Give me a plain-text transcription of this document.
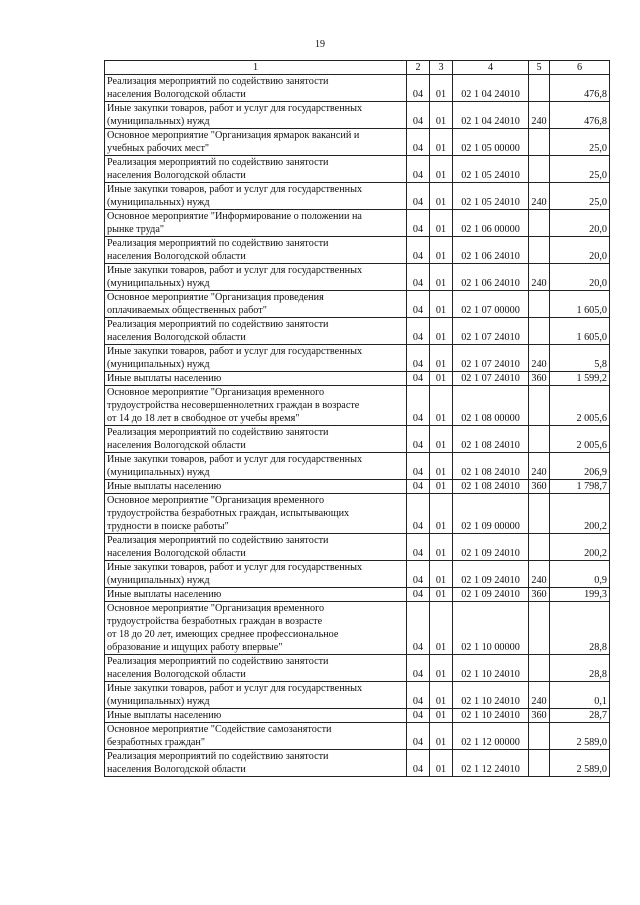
19
1	2	3	4	5	6
Реализация мероприятий по содействию занятости
населения Вологодской области	04	01	02 1 04 24010		476,8
Иные закупки товаров, работ и услуг для государственных
(муниципальных) нужд	04	01	02 1 04 24010	240	476,8
Основное мероприятие "Организация ярмарок вакансий и
учебных рабочих мест"	04	01	02 1 05 00000		25,0
Реализация мероприятий по содействию занятости
населения Вологодской области	04	01	02 1 05 24010		25,0
Иные закупки товаров, работ и услуг для государственных
(муниципальных) нужд	04	01	02 1 05 24010	240	25,0
Основное мероприятие "Информирование о положении на
рынке труда"	04	01	02 1 06 00000		20,0
Реализация мероприятий по содействию занятости
населения Вологодской области	04	01	02 1 06 24010		20,0
Иные закупки товаров, работ и услуг для государственных
(муниципальных) нужд	04	01	02 1 06 24010	240	20,0
Основное мероприятие "Организация проведения
оплачиваемых общественных работ"	04	01	02 1 07 00000		1 605,0
Реализация мероприятий по содействию занятости
населения Вологодской области	04	01	02 1 07 24010		1 605,0
Иные закупки товаров, работ и услуг для государственных
(муниципальных) нужд	04	01	02 1 07 24010	240	5,8
Иные выплаты населению	04	01	02 1 07 24010	360	1 599,2
Основное мероприятие "Организация временного
трудоустройства несовершеннолетних граждан в возрасте
от 14 до 18 лет в свободное от учебы время"	04	01	02 1 08 00000		2 005,6
Реализация мероприятий по содействию занятости
населения Вологодской области	04	01	02 1 08 24010		2 005,6
Иные закупки товаров, работ и услуг для государственных
(муниципальных) нужд	04	01	02 1 08 24010	240	206,9
Иные выплаты населению	04	01	02 1 08 24010	360	1 798,7
Основное мероприятие "Организация временного
трудоустройства безработных граждан, испытывающих
трудности в поиске работы"	04	01	02 1 09 00000		200,2
Реализация мероприятий по содействию занятости
населения Вологодской области	04	01	02 1 09 24010		200,2
Иные закупки товаров, работ и услуг для государственных
(муниципальных) нужд	04	01	02 1 09 24010	240	0,9
Иные выплаты населению	04	01	02 1 09 24010	360	199,3
Основное мероприятие "Организация временного
трудоустройства безработных граждан в возрасте
от 18 до 20 лет, имеющих среднее профессиональное
образование и ищущих работу впервые"	04	01	02 1 10 00000		28,8
Реализация мероприятий по содействию занятости
населения Вологодской области	04	01	02 1 10 24010		28,8
Иные закупки товаров, работ и услуг для государственных
(муниципальных) нужд	04	01	02 1 10 24010	240	0,1
Иные выплаты населению	04	01	02 1 10 24010	360	28,7
Основное мероприятие "Содействие самозанятости
безработных граждан"	04	01	02 1 12 00000		2 589,0
Реализация мероприятий по содействию занятости
населения Вологодской области	04	01	02 1 12 24010		2 589,0
